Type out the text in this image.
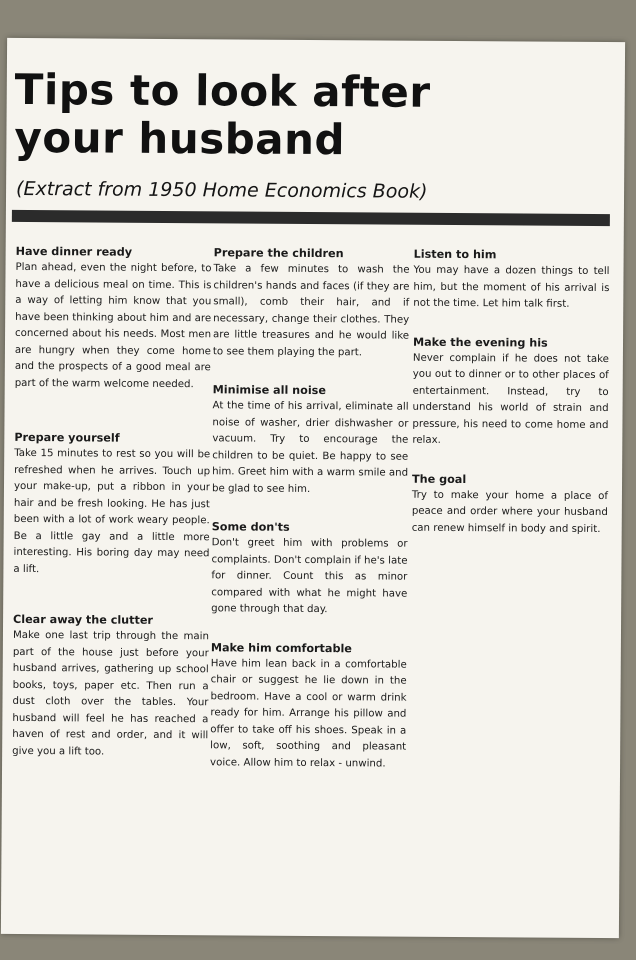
Tips to look after
your husband
(Extract from 1950 Home Economics Book)
Have dinner ready

Plan ahead, even the night before, to have a delicious meal on time. This is a way of letting him know that you have been thinking about him and are concerned about his needs. Most men are hungry when they come home and the prospects of a good meal are part of the warm welcome needed.

Prepare yourself

Take 15 minutes to rest so you will be refreshed when he arrives. Touch up your make-up, put a ribbon in your hair and be fresh looking. He has just been with a lot of work weary people. Be a little gay and a little more interesting. His boring day may need a lift.

Clear away the clutter

Make one last trip through the main part of the house just before your husband arrives, gathering up school books, toys, paper etc. Then run a dust cloth over the tables. Your husband will feel he has reached a haven of rest and order, and it will give you a lift too.

Prepare the children

Take a few minutes to wash the children's hands and faces (if they are small), comb their hair, and if necessary, change their clothes. They are little treasures and he would like to see them playing the part.

Minimise all noise

At the time of his arrival, eliminate all noise of washer, drier dishwasher or vacuum. Try to encourage the children to be quiet. Be happy to see him. Greet him with a warm smile and be glad to see him.

Some don'ts

Don't greet him with problems or complaints. Don't complain if he's late for dinner. Count this as minor compared with what he might have gone through that day.

Make him comfortable

Have him lean back in a comfortable chair or suggest he lie down in the bedroom. Have a cool or warm drink ready for him. Arrange his pillow and offer to take off his shoes. Speak in a low, soft, soothing and pleasant voice. Allow him to relax - unwind.

Listen to him

You may have a dozen things to tell him, but the moment of his arrival is not the time. Let him talk first.

Make the evening his

Never complain if he does not take you out to dinner or to other places of entertainment. Instead, try to understand his world of strain and pressure, his need to come home and relax.

The goal

Try to make your home a place of peace and order where your husband can renew himself in body and spirit.
